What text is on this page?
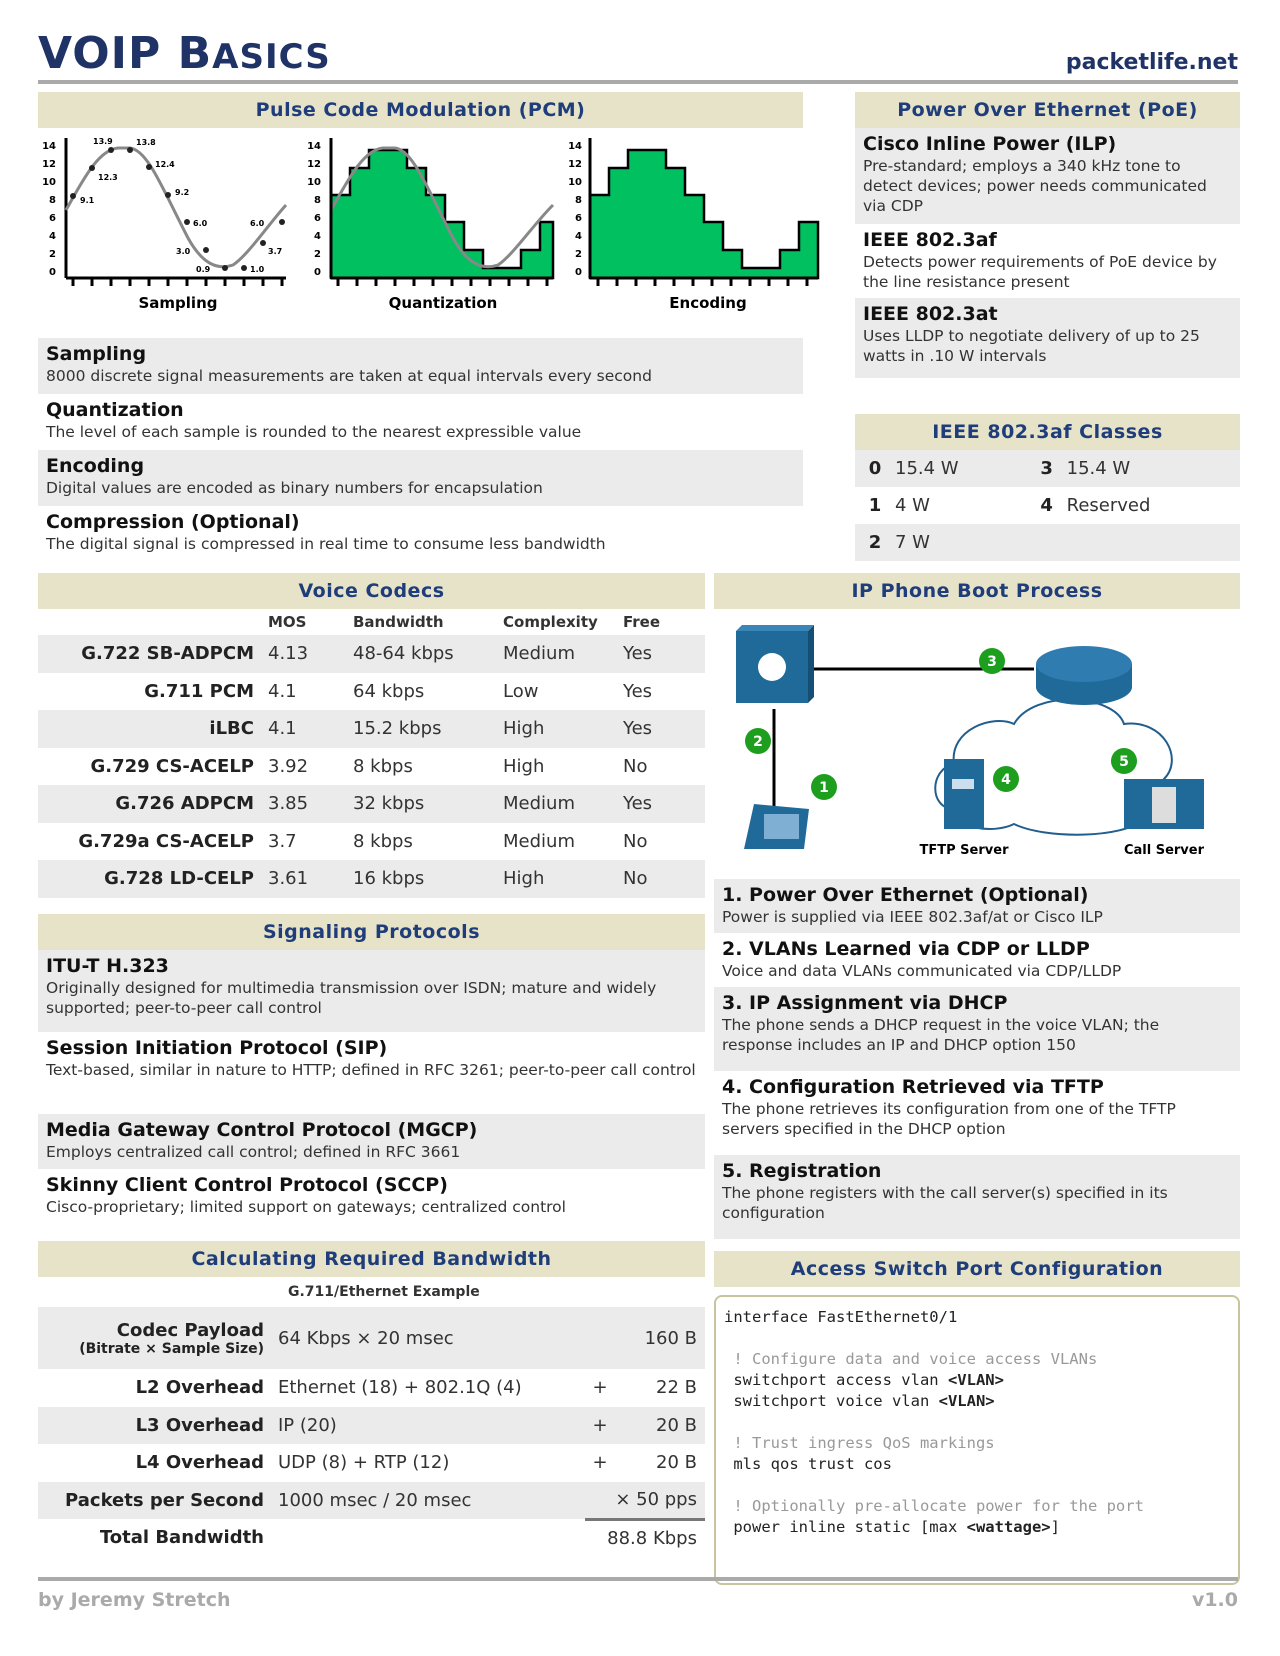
VOIP BASICS	packetlife.net
Pulse Code Modulation (PCM)
14
12
10
8
6
4
2
0
9.1
12.3
13.9	13.8
12.4
9.2
6.0
3.0
0.9	1.0
3.7
6.0
Sampling
14
12
10
8
6
4
2
0
Quantization
14
12
10
8
6
4
2
0
Encoding
Sampling
8000 discrete signal measurements are taken at equal intervals every second
Quantization
The level of each sample is rounded to the nearest expressible value
Encoding
Digital values are encoded as binary numbers for encapsulation
Compression (Optional)
The digital signal is compressed in real time to consume less bandwidth
Power Over Ethernet (PoE)
Cisco Inline Power (ILP)
Pre-standard; employs a 340 kHz tone to detect devices; power needs communicated via CDP
IEEE 802.3af
Detects power requirements of PoE device by the line resistance present
IEEE 802.3at
Uses LLDP to negotiate delivery of up to 25 watts in .10 W intervals
IEEE 802.3af Classes
0	15.4 W	3	15.4 W
1	4 W	4	Reserved
2	7 W		
Voice Codecs
	MOS	Bandwidth	Complexity	Free
G.722 SB-ADPCM	4.13	48-64 kbps	Medium	Yes
G.711 PCM	4.1	64 kbps	Low	Yes
iLBC	4.1	15.2 kbps	High	Yes
G.729 CS-ACELP	3.92	8 kbps	High	No
G.726 ADPCM	3.85	32 kbps	Medium	Yes
G.729a CS-ACELP	3.7	8 kbps	Medium	No
G.728 LD-CELP	3.61	16 kbps	High	No
Signaling Protocols
ITU-T H.323
Originally designed for multimedia transmission over ISDN; mature and widely supported; peer-to-peer call control
Session Initiation Protocol (SIP)
Text-based, similar in nature to HTTP; defined in RFC 3261; peer-to-peer call control
Media Gateway Control Protocol (MGCP)
Employs centralized call control; defined in RFC 3661
Skinny Client Control Protocol (SCCP)
Cisco-proprietary; limited support on gateways; centralized control
Calculating Required Bandwidth
G.711/Ethernet Example
Codec Payload
(Bitrate × Sample Size)	64 Kbps × 20 msec		160 B
L2 Overhead	Ethernet (18) + 802.1Q (4)	+	22 B
L3 Overhead	IP (20)	+	20 B
L4 Overhead	UDP (8) + RTP (12)	+	20 B
Packets per Second	1000 msec / 20 msec	× 50 pps	
Total Bandwidth		88.8 Kbps	
IP Phone Boot Process
TFTP Server	Call Server
1
2
3
4
5
1. Power Over Ethernet (Optional)
Power is supplied via IEEE 802.3af/at or Cisco ILP
2. VLANs Learned via CDP or LLDP
Voice and data VLANs communicated via CDP/LLDP
3. IP Assignment via DHCP
The phone sends a DHCP request in the voice VLAN; the response includes an IP and DHCP option 150
4. Configuration Retrieved via TFTP
The phone retrieves its configuration from one of the TFTP servers specified in the DHCP option
5. Registration
The phone registers with the call server(s) specified in its configuration
Access Switch Port Configuration
interface FastEthernet0/1

! Configure data and voice access VLANs
switchport access vlan <VLAN>
switchport voice vlan <VLAN>

! Trust ingress QoS markings
mls qos trust cos

! Optionally pre-allocate power for the port
power inline static [max <wattage>]
by Jeremy Stretch	v1.0
